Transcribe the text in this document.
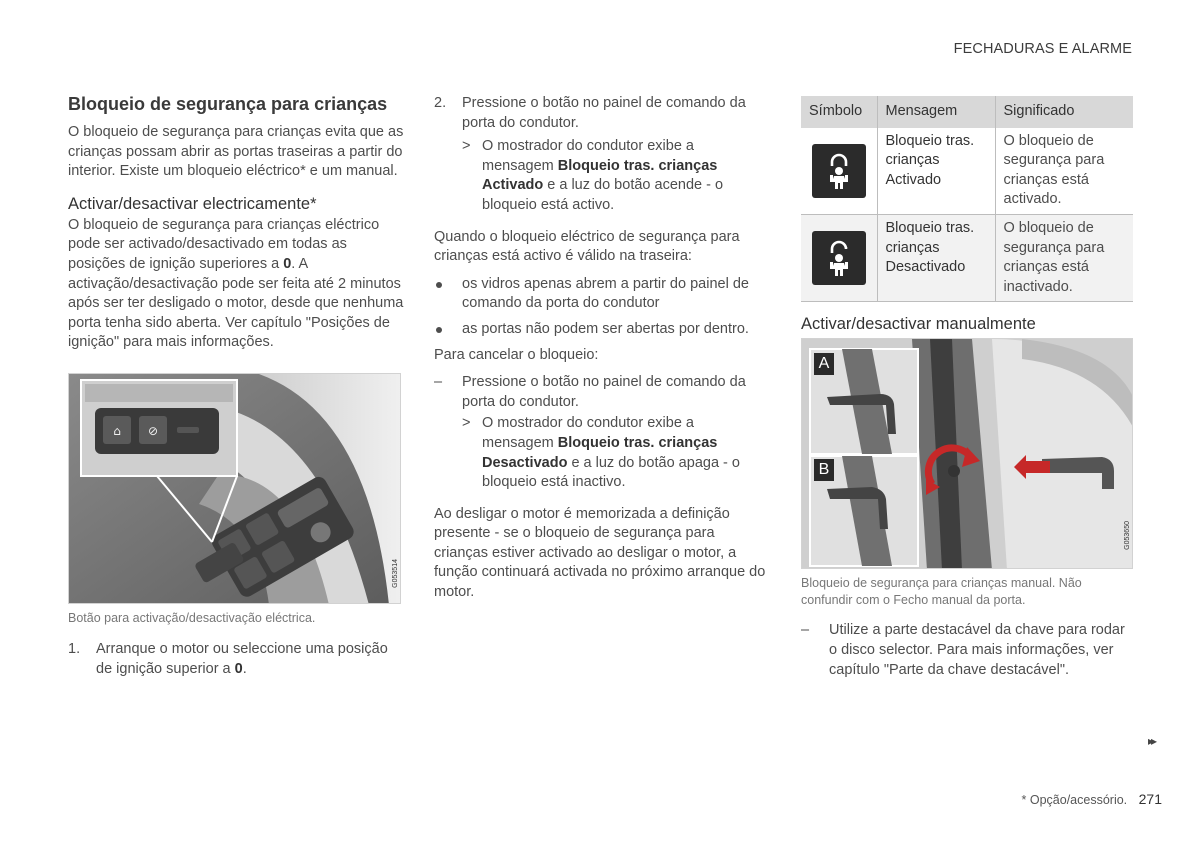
FECHADURAS E ALARME
Bloqueio de segurança para crianças

O bloqueio de segurança para crianças evita que as crianças possam abrir as portas traseiras a partir do interior. Existe um bloqueio eléctrico* e um manual.

Activar/desactivar electricamente*

O bloqueio de segurança para crianças eléctrico pode ser activado/desactivado em todas as posições de ignição superiores a 0. A activação/desactivação pode ser feita até 2 minutos após ser ter desligado o motor, desde que nenhuma porta tenha sido aberta. Ver capítulo "Posições de ignição" para mais informações.

⌂ ⊘
G053514
Botão para activação/desactivação eléctrica.
1.	Arranque o motor ou seleccione uma posição de ignição superior a 0.
2.	Pressione o botão no painel de comando da porta do condutor.
> O mostrador do condutor exibe a mensagem Bloqueio tras. crianças Activado e a luz do botão acende - o bloqueio está activo.

Quando o bloqueio eléctrico de segurança para crianças está activo é válido na traseira:

os vidros apenas abrem a partir do painel de comando da porta do condutor
as portas não podem ser abertas por dentro.

Para cancelar o bloqueio:

–	Pressione o botão no painel de comando da porta do condutor.
> O mostrador do condutor exibe a mensagem Bloqueio tras. crianças Desactivado e a luz do botão apaga - o bloqueio está inactivo.

Ao desligar o motor é memorizada a definição presente - se o bloqueio de segurança para crianças estiver activado ao desligar o motor, a função continuará activada no próximo arranque do motor.

Símbolo	Mensagem	Significado

	Bloqueio tras. crianças Activado	O bloqueio de segurança para crianças está activado.

	Bloqueio tras. crianças Desactivado	O bloqueio de segurança para crianças está inactivado.
Activar/desactivar manualmente
A
B
G053650
Bloqueio de segurança para crianças manual. Não confundir com o Fecho manual da porta.
–	Utilize a parte destacável da chave para rodar o disco selector. Para mais informações, ver capítulo "Parte da chave destacável".
▸▸
* Opção/acessório. 271
